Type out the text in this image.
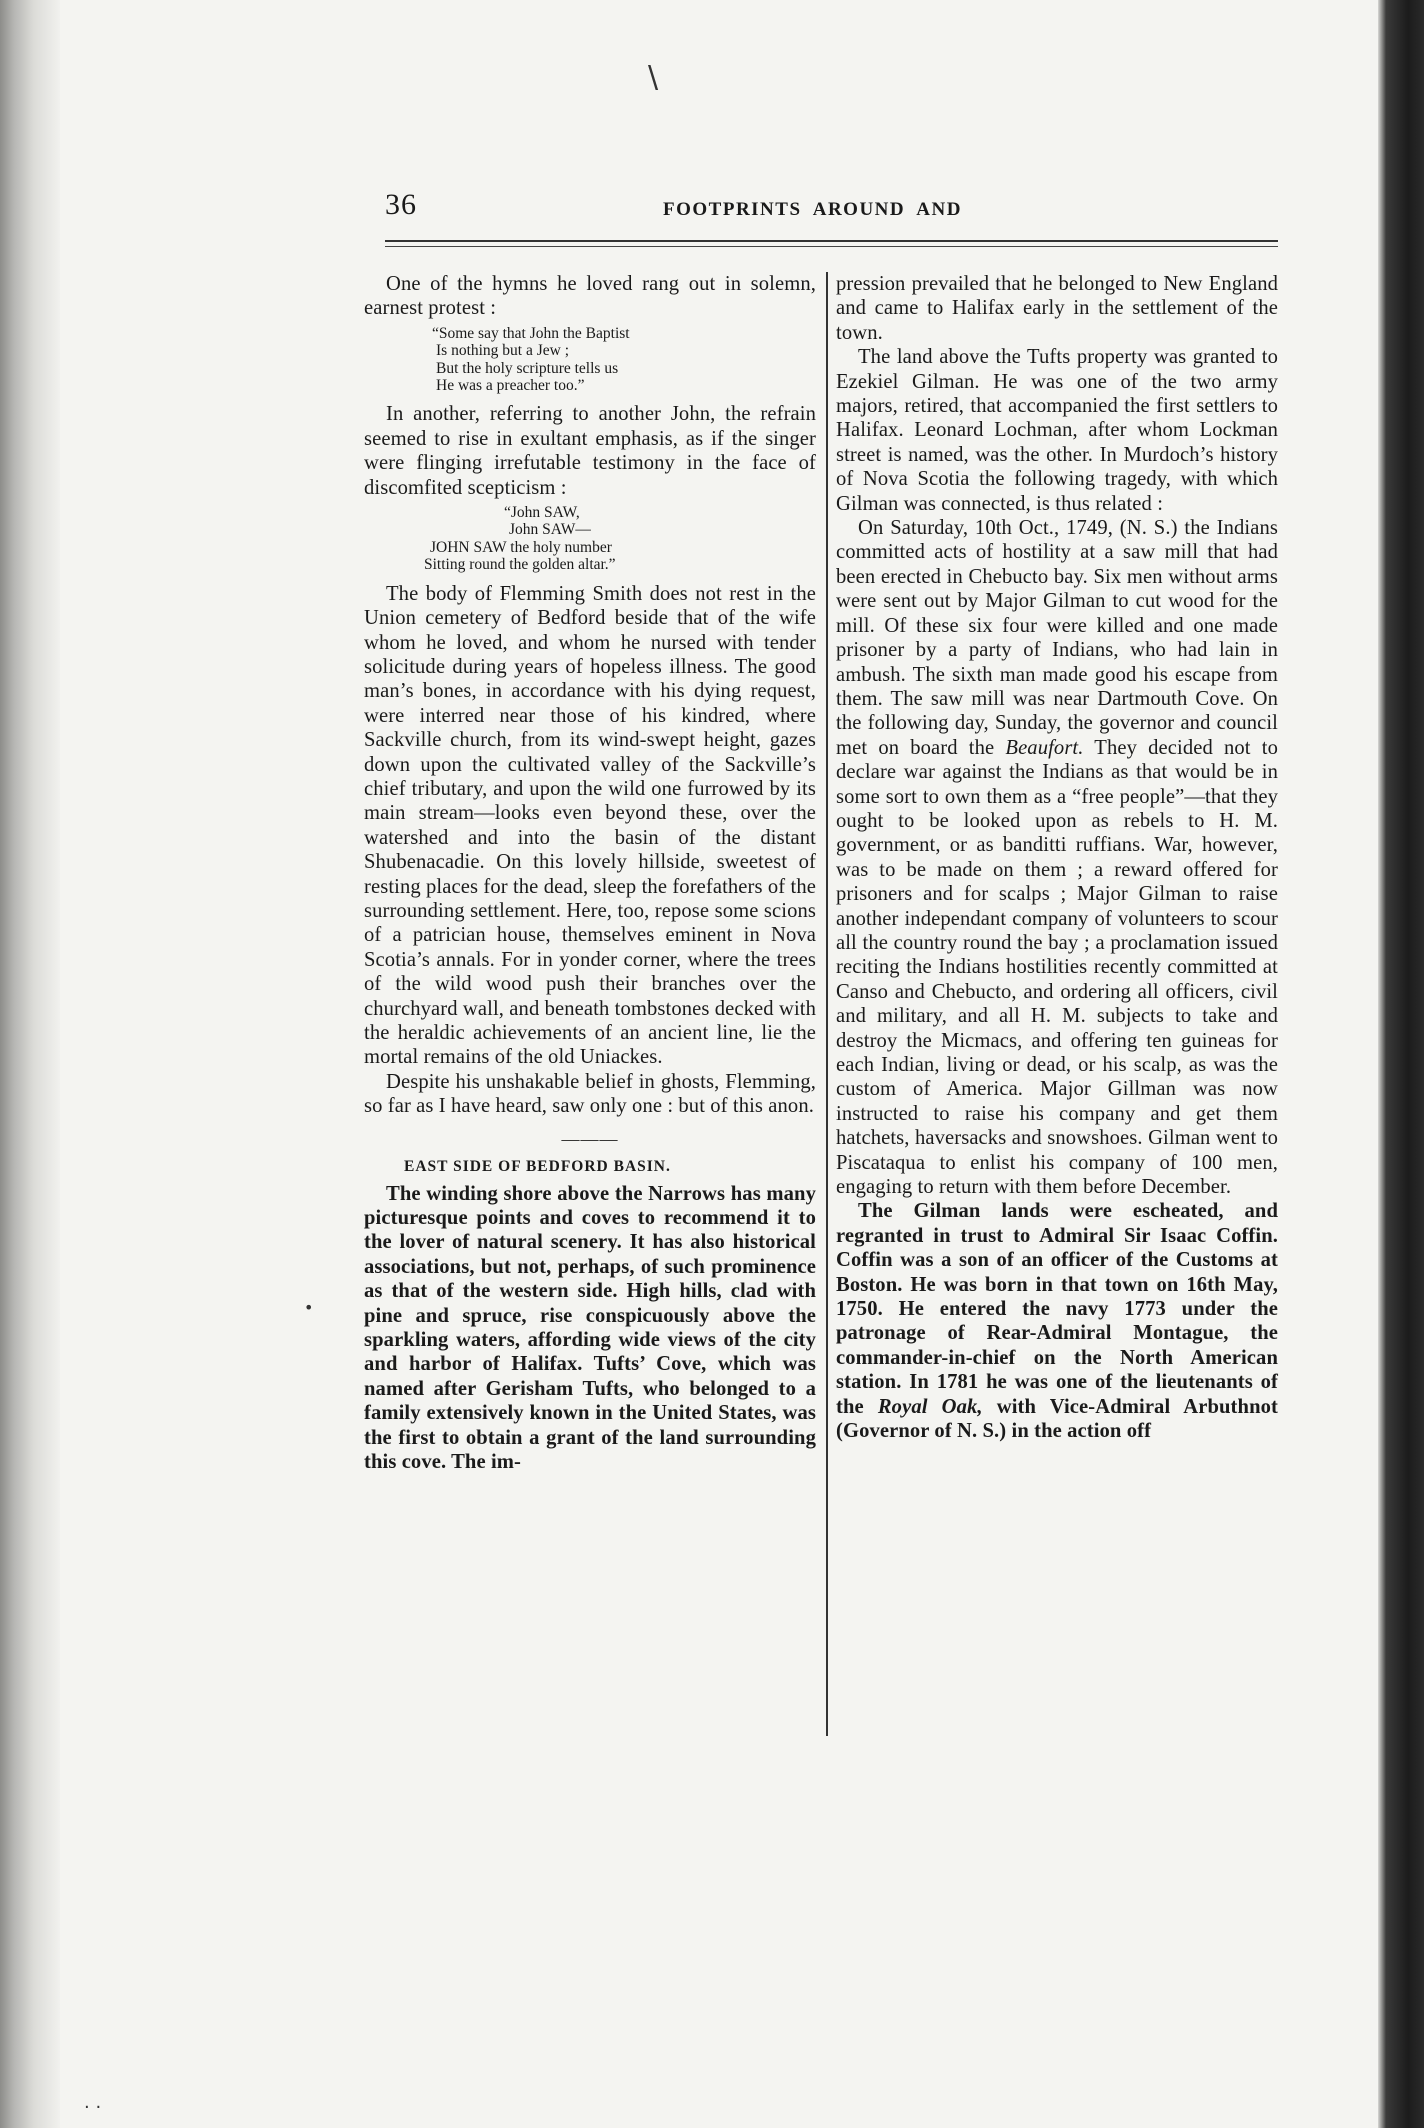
\
•
. .
36	FOOTPRINTS AROUND AND

One of the hymns he loved rang out in solemn, earnest protest :

“Some say that John the Baptist
Is nothing but a Jew ;
But the holy scripture tells us
He was a preacher too.”

In another, referring to another John, the refrain seemed to rise in exultant emphasis, as if the singer were flinging irrefutable testimony in the face of discomfited scepticism :

“John SAW,
John SAW—
JOHN SAW the holy number
Sitting round the golden altar.”

The body of Flemming Smith does not rest in the Union cemetery of Bedford beside that of the wife whom he loved, and whom he nursed with tender solicitude during years of hopeless illness. The good man’s bones, in accordance with his dying request, were interred near those of his kindred, where Sackville church, from its wind-swept height, gazes down upon the cultivated valley of the Sackville’s chief tributary, and upon the wild one furrowed by its main stream—looks even beyond these, over the watershed and into the basin of the distant Shubenacadie. On this lovely hillside, sweetest of resting places for the dead, sleep the forefathers of the surrounding settlement. Here, too, repose some scions of a patrician house, themselves eminent in Nova Scotia’s annals. For in yonder corner, where the trees of the wild wood push their branches over the churchyard wall, and beneath tombstones decked with the heraldic achievements of an ancient line, lie the mortal remains of the old Uniackes.

Despite his unshakable belief in ghosts, Flemming, so far as I have heard, saw only one : but of this anon.

———
EAST SIDE OF BEDFORD BASIN.

The winding shore above the Narrows has many picturesque points and coves to recommend it to the lover of natural scenery. It has also historical associations, but not, perhaps, of such prominence as that of the western side. High hills, clad with pine and spruce, rise conspicuously above the sparkling waters, affording wide views of the city and harbor of Halifax. Tufts’ Cove, which was named after Gerisham Tufts, who belonged to a family extensively known in the United States, was the first to obtain a grant of the land surrounding this cove. The im-

pression prevailed that he belonged to New England and came to Halifax early in the settlement of the town.

The land above the Tufts property was granted to Ezekiel Gilman. He was one of the two army majors, retired, that accompanied the first settlers to Halifax. Leonard Lochman, after whom Lockman street is named, was the other. In Murdoch’s history of Nova Scotia the following tragedy, with which Gilman was connected, is thus related :

On Saturday, 10th Oct., 1749, (N. S.) the Indians committed acts of hostility at a saw mill that had been erected in Chebucto bay. Six men without arms were sent out by Major Gilman to cut wood for the mill. Of these six four were killed and one made prisoner by a party of Indians, who had lain in ambush. The sixth man made good his escape from them. The saw mill was near Dartmouth Cove. On the following day, Sunday, the governor and council met on board the Beaufort. They decided not to declare war against the Indians as that would be in some sort to own them as a “free people”—that they ought to be looked upon as rebels to H. M. government, or as banditti ruffians. War, however, was to be made on them ; a reward offered for prisoners and for scalps ; Major Gilman to raise another independant company of volunteers to scour all the country round the bay ; a proclamation issued reciting the Indians hostilities recently committed at Canso and Chebucto, and ordering all officers, civil and military, and all H. M. subjects to take and destroy the Micmacs, and offering ten guineas for each Indian, living or dead, or his scalp, as was the custom of America. Major Gillman was now instructed to raise his company and get them hatchets, haversacks and snowshoes. Gilman went to Piscataqua to enlist his company of 100 men, engaging to return with them before December.

The Gilman lands were escheated, and regranted in trust to Admiral Sir Isaac Coffin. Coffin was a son of an officer of the Customs at Boston. He was born in that town on 16th May, 1750. He entered the navy 1773 under the patronage of Rear-Admiral Montague, the commander-in-chief on the North American station. In 1781 he was one of the lieutenants of the Royal Oak, with Vice-Admiral Arbuthnot (Governor of N. S.) in the action off
